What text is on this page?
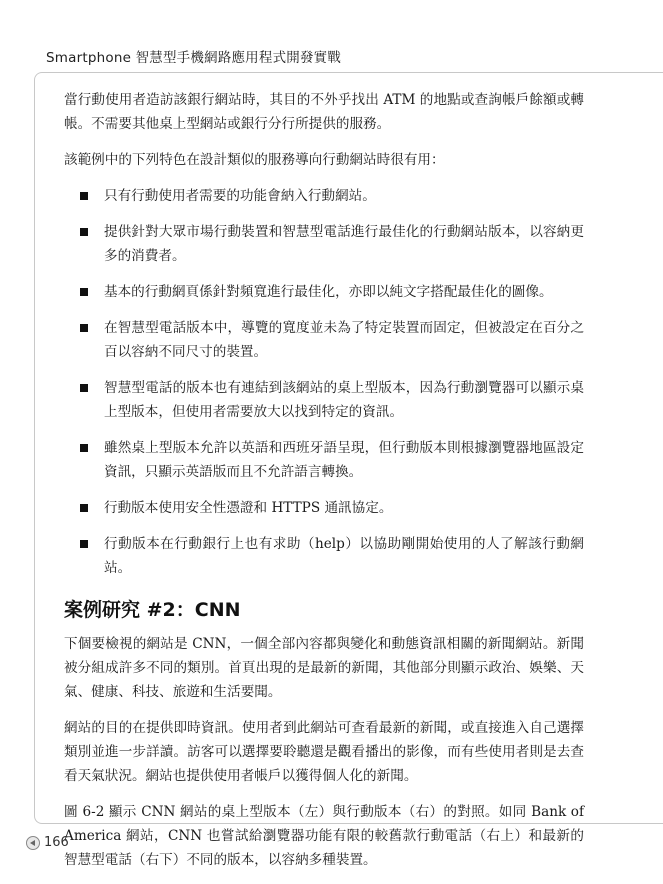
Smartphone 智慧型手機網路應用程式開發實戰

當行動使用者造訪該銀行網站時，其目的不外乎找出 ATM 的地點或查詢帳戶餘額或轉帳。不需要其他桌上型網站或銀行分行所提供的服務。

該範例中的下列特色在設計類似的服務導向行動網站時很有用：

只有行動使用者需要的功能會納入行動網站。
提供針對大眾市場行動裝置和智慧型電話進行最佳化的行動網站版本，以容納更多的消費者。
基本的行動網頁係針對頻寬進行最佳化，亦即以純文字搭配最佳化的圖像。
在智慧型電話版本中，導覽的寬度並未為了特定裝置而固定，但被設定在百分之百以容納不同尺寸的裝置。
智慧型電話的版本也有連結到該網站的桌上型版本，因為行動瀏覽器可以顯示桌上型版本，但使用者需要放大以找到特定的資訊。
雖然桌上型版本允許以英語和西班牙語呈現，但行動版本則根據瀏覽器地區設定資訊，只顯示英語版而且不允許語言轉換。
行動版本使用安全性憑證和 HTTPS 通訊協定。
行動版本在行動銀行上也有求助（help）以協助剛開始使用的人了解該行動網站。
案例研究 #2：CNN

下個要檢視的網站是 CNN，一個全部內容都與變化和動態資訊相關的新聞網站。新聞被分組成許多不同的類別。首頁出現的是最新的新聞，其他部分則顯示政治、娛樂、天氣、健康、科技、旅遊和生活要聞。

網站的目的在提供即時資訊。使用者到此網站可查看最新的新聞，或直接進入自己選擇類別並進一步詳讀。訪客可以選擇要聆聽還是觀看播出的影像，而有些使用者則是去查看天氣狀況。網站也提供使用者帳戶以獲得個人化的新聞。

圖 6-2 顯示 CNN 網站的桌上型版本（左）與行動版本（右）的對照。如同 Bank of America 網站，CNN 也嘗試給瀏覽器功能有限的較舊款行動電話（右上）和最新的智慧型電話（右下）不同的版本，以容納多種裝置。

166
